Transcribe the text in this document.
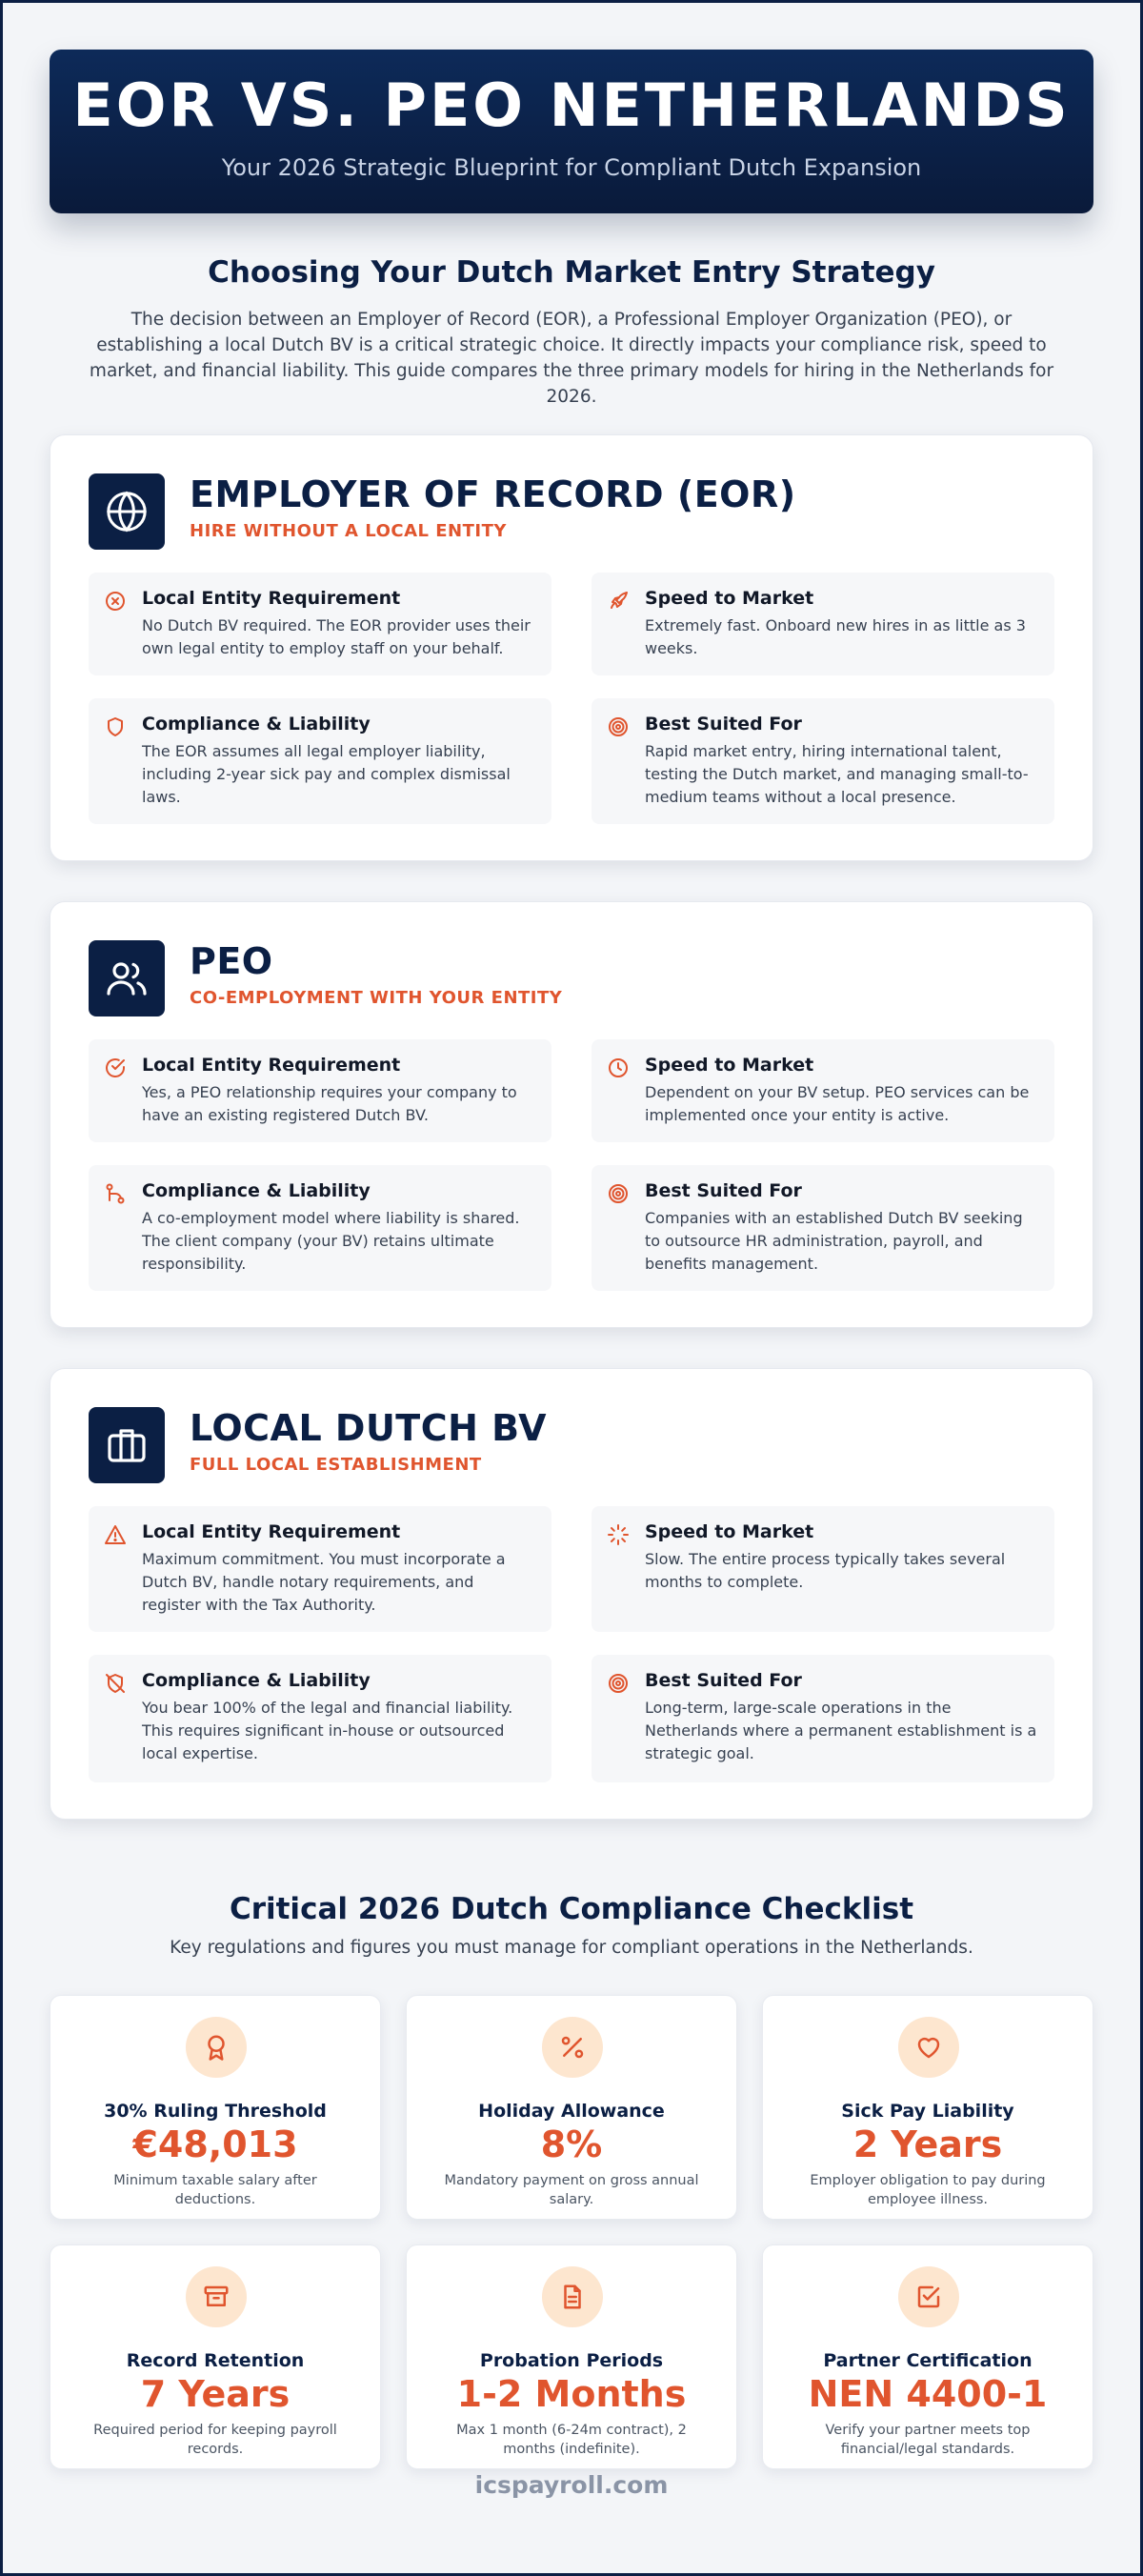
EOR VS. PEO NETHERLANDS
Your 2026 Strategic Blueprint for Compliant Dutch Expansion
Choosing Your Dutch Market Entry Strategy

The decision between an Employer of Record (EOR), a Professional Employer Organization (PEO), or establishing a local Dutch BV is a critical strategic choice. It directly impacts your compliance risk, speed to market, and financial liability. This guide compares the three primary models for hiring in the Netherlands for 2026.

EMPLOYER OF RECORD (EOR)
HIRE WITHOUT A LOCAL ENTITY
Local Entity Requirement
No Dutch BV required. The EOR provider uses their own legal entity to employ staff on your behalf.
Speed to Market
Extremely fast. Onboard new hires in as little as 3 weeks.
Compliance & Liability
The EOR assumes all legal employer liability, including 2-year sick pay and complex dismissal laws.
Best Suited For
Rapid market entry, hiring international talent, testing the Dutch market, and managing small-to-medium teams without a local presence.
PEO
CO-EMPLOYMENT WITH YOUR ENTITY
Local Entity Requirement
Yes, a PEO relationship requires your company to have an existing registered Dutch BV.
Speed to Market
Dependent on your BV setup. PEO services can be implemented once your entity is active.
Compliance & Liability
A co-employment model where liability is shared. The client company (your BV) retains ultimate responsibility.
Best Suited For
Companies with an established Dutch BV seeking to outsource HR administration, payroll, and benefits management.
LOCAL DUTCH BV
FULL LOCAL ESTABLISHMENT
Local Entity Requirement
Maximum commitment. You must incorporate a Dutch BV, handle notary requirements, and register with the Tax Authority.
Speed to Market
Slow. The entire process typically takes several months to complete.
Compliance & Liability
You bear 100% of the legal and financial liability. This requires significant in-house or outsourced local expertise.
Best Suited For
Long-term, large-scale operations in the Netherlands where a permanent establishment is a strategic goal.
Critical 2026 Dutch Compliance Checklist

Key regulations and figures you must manage for compliant operations in the Netherlands.

30% Ruling Threshold
€48,013
Minimum taxable salary after deductions.
Holiday Allowance
8%
Mandatory payment on gross annual salary.
Sick Pay Liability
2 Years
Employer obligation to pay during employee illness.
Record Retention
7 Years
Required period for keeping payroll records.
Probation Periods
1-2 Months
Max 1 month (6-24m contract), 2 months (indefinite).
Partner Certification
NEN 4400-1
Verify your partner meets top financial/legal standards.
icspayroll.com
